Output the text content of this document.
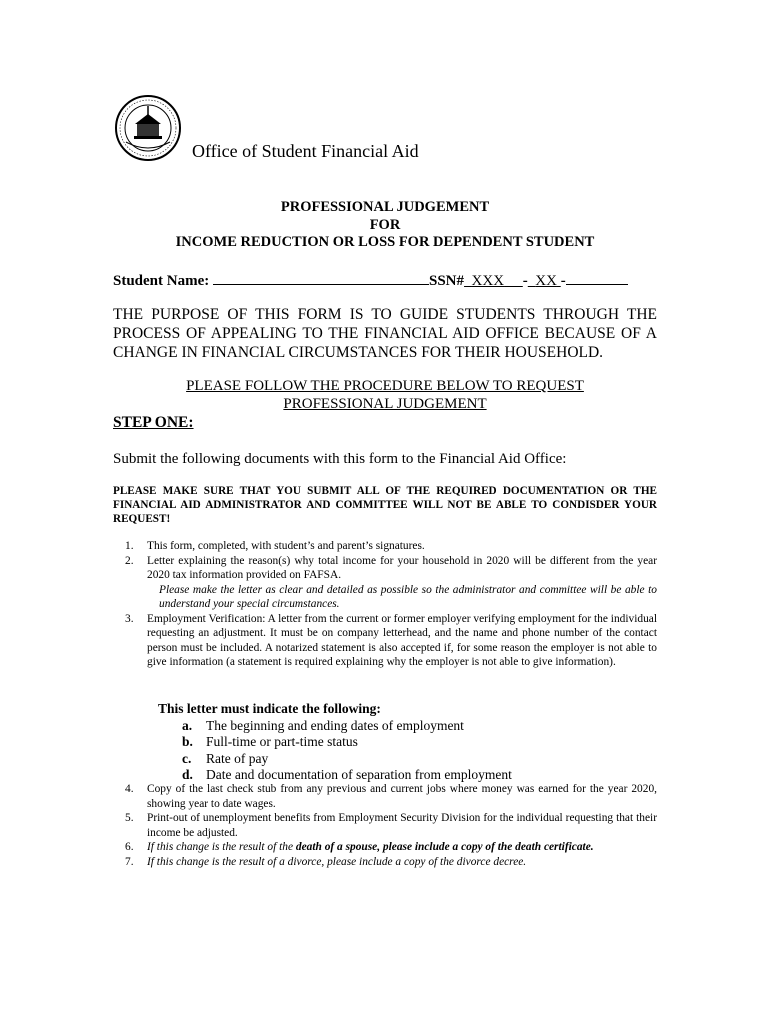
Office of Student Financial Aid
PROFESSIONAL JUDGEMENT
FOR
INCOME REDUCTION OR LOSS FOR DEPENDENT STUDENT
Student Name:	SSN# XXX - XX -
THE PURPOSE OF THIS FORM IS TO GUIDE STUDENTS THROUGH THE PROCESS OF APPEALING TO THE FINANCIAL AID OFFICE BECAUSE OF A CHANGE IN FINANCIAL CIRCUMSTANCES FOR THEIR HOUSEHOLD.
PLEASE FOLLOW THE PROCEDURE BELOW TO REQUEST
PROFESSIONAL JUDGEMENT
STEP ONE:
Submit the following documents with this form to the Financial Aid Office:
PLEASE MAKE SURE THAT YOU SUBMIT ALL OF THE REQUIRED DOCUMENTATION OR THE FINANCIAL AID ADMINISTRATOR AND COMMITTEE WILL NOT BE ABLE TO CONDISDER YOUR REQUEST!
1. This form, completed, with student’s and parent’s signatures.
2. Letter explaining the reason(s) why total income for your household in 2020 will be different from the year 2020 tax information provided on FAFSA.
Please make the letter as clear and detailed as possible so the administrator and committee will be able to understand your special circumstances.
3. Employment Verification: A letter from the current or former employer verifying employment for the individual requesting an adjustment. It must be on company letterhead, and the name and phone number of the contact person must be included. A notarized statement is also accepted if, for some reason the employer is not able to give information (a statement is required explaining why the employer is not able to give information).
This letter must indicate the following:
a. The beginning and ending dates of employment
b. Full-time or part-time status
c. Rate of pay
d. Date and documentation of separation from employment
4. Copy of the last check stub from any previous and current jobs where money was earned for the year 2020, showing year to date wages.
5. Print-out of unemployment benefits from Employment Security Division for the individual requesting that their income be adjusted.
6. If this change is the result of the death of a spouse, please include a copy of the death certificate.
7. If this change is the result of a divorce, please include a copy of the divorce decree.
